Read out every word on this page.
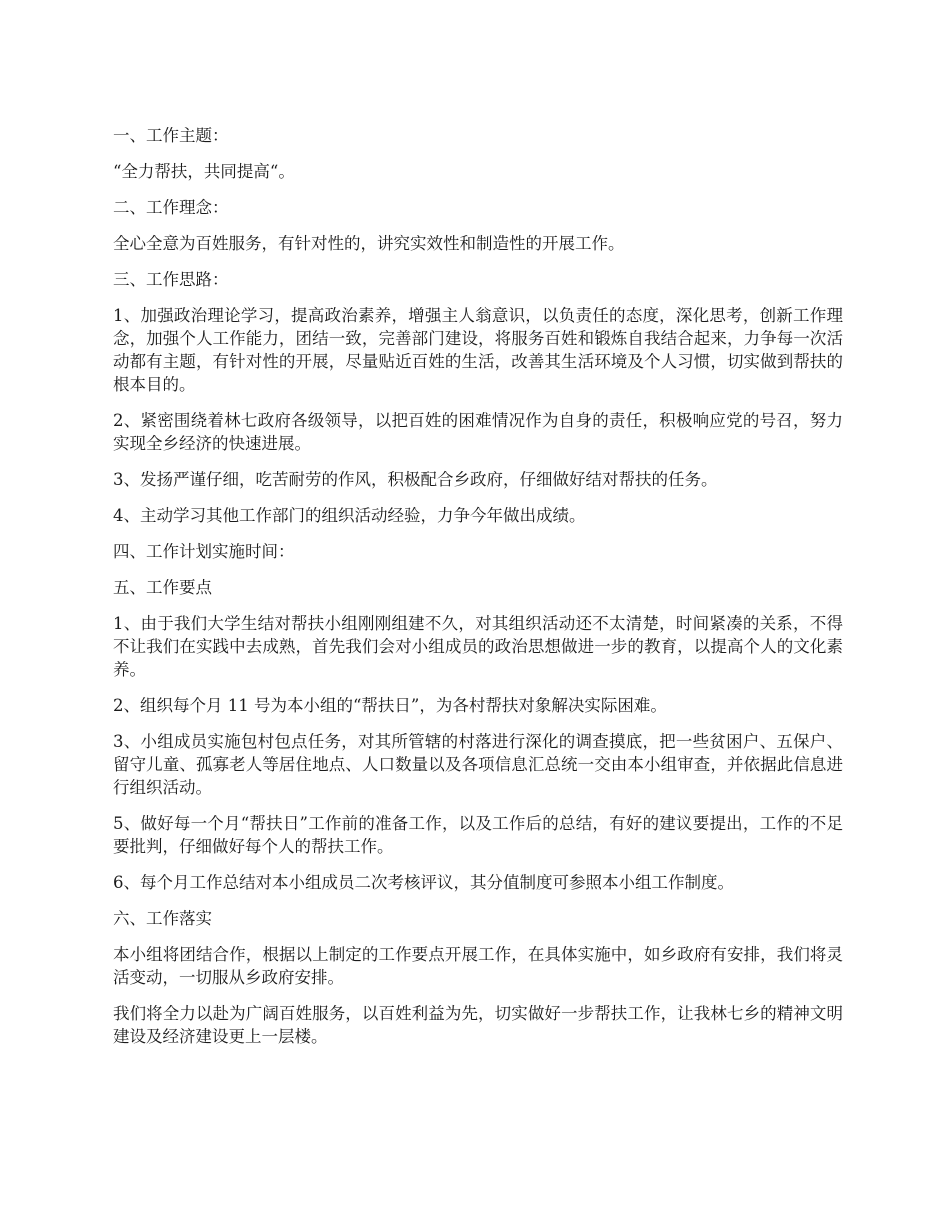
一、工作主题：

“全力帮扶，共同提高“。

二、工作理念：

全心全意为百姓服务，有针对性的，讲究实效性和制造性的开展工作。

三、工作思路：

1、加强政治理论学习，提高政治素养，增强主人翁意识，以负责任的态度，深化思考，创新工作理念，加强个人工作能力，团结一致，完善部门建设，将服务百姓和锻炼自我结合起来，力争每一次活动都有主题，有针对性的开展，尽量贴近百姓的生活，改善其生活环境及个人习惯，切实做到帮扶的根本目的。

2、紧密围绕着林七政府各级领导，以把百姓的困难情况作为自身的责任，积极响应党的号召，努力实现全乡经济的快速进展。

3、发扬严谨仔细，吃苦耐劳的作风，积极配合乡政府，仔细做好结对帮扶的任务。

4、主动学习其他工作部门的组织活动经验，力争今年做出成绩。

四、工作计划实施时间：

五、工作要点

1、由于我们大学生结对帮扶小组刚刚组建不久，对其组织活动还不太清楚，时间紧凑的关系，不得不让我们在实践中去成熟，首先我们会对小组成员的政治思想做进一步的教育，以提高个人的文化素养。

2、组织每个月 11 号为本小组的“帮扶日”，为各村帮扶对象解决实际困难。

3、小组成员实施包村包点任务，对其所管辖的村落进行深化的调查摸底，把一些贫困户、五保户、留守儿童、孤寡老人等居住地点、人口数量以及各项信息汇总统一交由本小组审查，并依据此信息进行组织活动。

5、做好每一个月“帮扶日”工作前的准备工作，以及工作后的总结，有好的建议要提出，工作的不足要批判，仔细做好每个人的帮扶工作。

6、每个月工作总结对本小组成员二次考核评议，其分值制度可参照本小组工作制度。

六、工作落实

本小组将团结合作，根据以上制定的工作要点开展工作，在具体实施中，如乡政府有安排，我们将灵活变动，一切服从乡政府安排。

我们将全力以赴为广阔百姓服务，以百姓利益为先，切实做好一步帮扶工作，让我林七乡的精神文明建设及经济建设更上一层楼。
